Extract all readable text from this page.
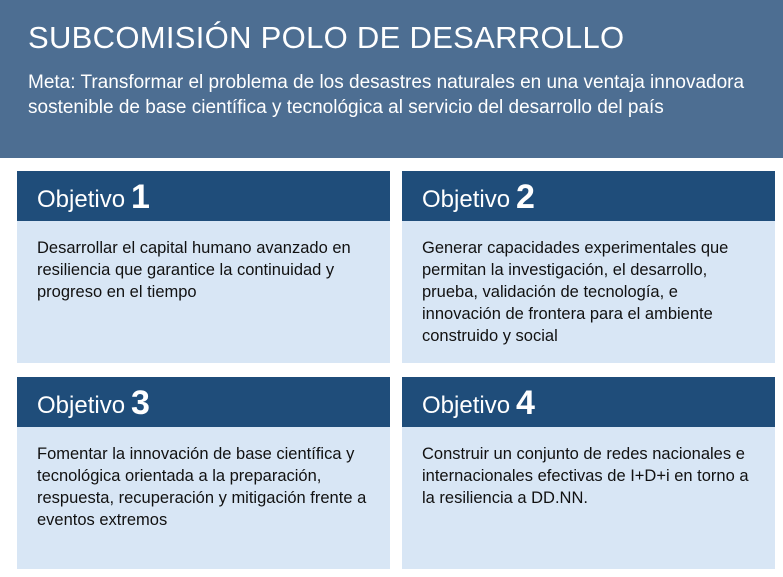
SUBCOMISIÓN POLO DE DESARROLLO
Meta: Transformar el problema de los desastres naturales en una ventaja innovadora sostenible de base científica y tecnológica al servicio del desarrollo del país
Objetivo 1
Desarrollar el capital humano avanzado en resiliencia que garantice la continuidad y progreso en el tiempo
Objetivo 2
Generar capacidades experimentales que permitan la investigación, el desarrollo, prueba, validación de tecnología, e innovación de frontera para el ambiente construido y social
Objetivo 3
Fomentar la innovación de base científica y tecnológica orientada a la preparación, respuesta, recuperación y mitigación frente a eventos extremos
Objetivo 4
Construir un conjunto de redes nacionales e internacionales efectivas de I+D+i en torno a la resiliencia a DD.NN.
